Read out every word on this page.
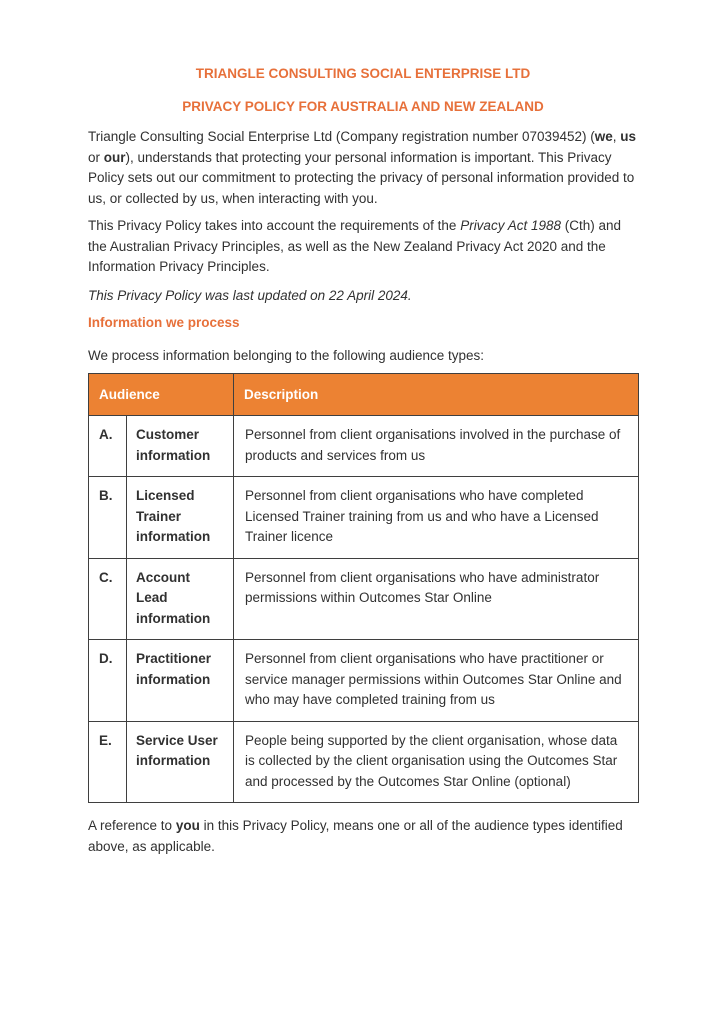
TRIANGLE CONSULTING SOCIAL ENTERPRISE LTD
PRIVACY POLICY FOR AUSTRALIA AND NEW ZEALAND

Triangle Consulting Social Enterprise Ltd (Company registration number 07039452) (we, us or our), understands that protecting your personal information is important. This Privacy Policy sets out our commitment to protecting the privacy of personal information provided to us, or collected by us, when interacting with you.

This Privacy Policy takes into account the requirements of the Privacy Act 1988 (Cth) and the Australian Privacy Principles, as well as the New Zealand Privacy Act 2020 and the Information Privacy Principles.

This Privacy Policy was last updated on 22 April 2024.

Information we process

We process information belonging to the following audience types:

Audience		Description
A.	Customer information	Personnel from client organisations involved in the purchase of products and services from us
B.	Licensed Trainer information	Personnel from client organisations who have completed Licensed Trainer training from us and who have a Licensed Trainer licence
C.	Account Lead information	Personnel from client organisations who have administrator permissions within Outcomes Star Online
D.	Practitioner information	Personnel from client organisations who have practitioner or service manager permissions within Outcomes Star Online and who may have completed training from us
E.	Service User information	People being supported by the client organisation, whose data is collected by the client organisation using the Outcomes Star and processed by the Outcomes Star Online (optional)

A reference to you in this Privacy Policy, means one or all of the audience types identified above, as applicable.
